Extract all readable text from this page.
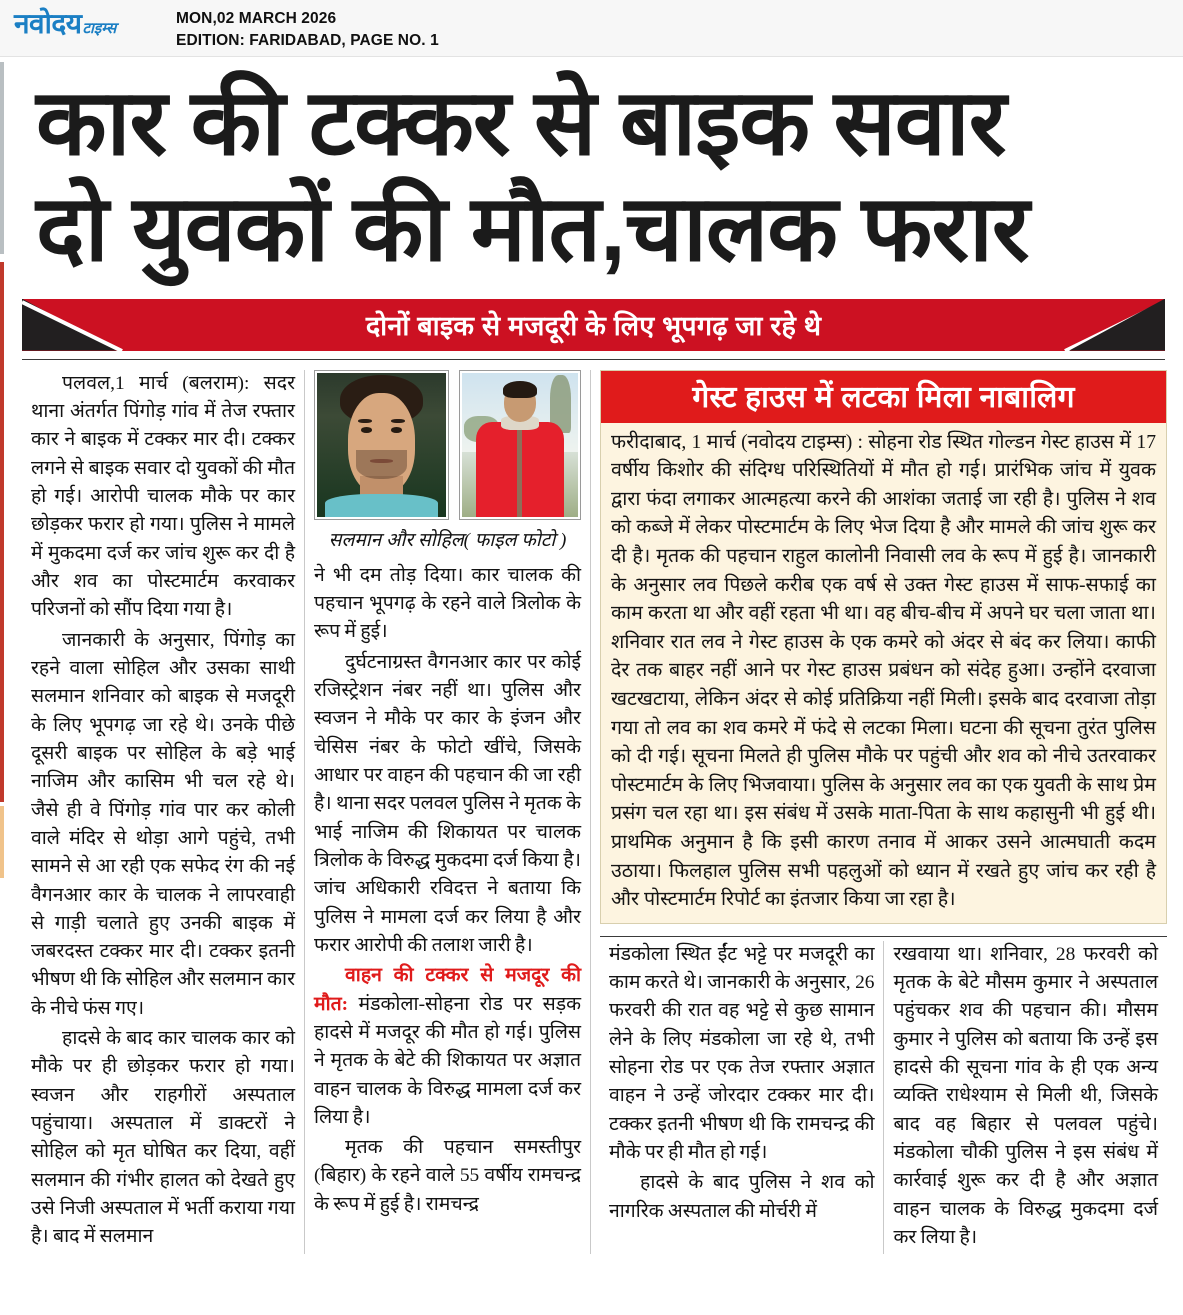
नवोदय टाइम्स
MON,02 MARCH 2026
EDITION: FARIDABAD, PAGE NO. 1
कार की टक्कर से बाइक सवार
दो युवकों की मौत,चालक फरार
दोनों बाइक से मजदूरी के लिए भूपगढ़ जा रहे थे

पलवल,1 मार्च (बलराम): सदर थाना अंतर्गत पिंगोड़ गांव में तेज रफ्तार कार ने बाइक में टक्कर मार दी। टक्कर लगने से बाइक सवार दो युवकों की मौत हो गई। आरोपी चालक मौके पर कार छोड़कर फरार हो गया। पुलिस ने मामले में मुकदमा दर्ज कर जांच शुरू कर दी है और शव का पोस्टमार्टम करवाकर परिजनों को सौंप दिया गया है।

जानकारी के अनुसार, पिंगोड़ का रहने वाला सोहिल और उसका साथी सलमान शनिवार को बाइक से मजदूरी के लिए भूपगढ़ जा रहे थे। उनके पीछे दूसरी बाइक पर सोहिल के बड़े भाई नाजिम और कासिम भी चल रहे थे। जैसे ही वे पिंगोड़ गांव पार कर कोली वाले मंदिर से थोड़ा आगे पहुंचे, तभी सामने से आ रही एक सफेद रंग की नई वैगनआर कार के चालक ने लापरवाही से गाड़ी चलाते हुए उनकी बाइक में जबरदस्त टक्कर मार दी। टक्कर इतनी भीषण थी कि सोहिल और सलमान कार के नीचे फंस गए।

हादसे के बाद कार चालक कार को मौके पर ही छोड़कर फरार हो गया। स्वजन और राहगीरों अस्पताल पहुंचाया। अस्पताल में डाक्टरों ने सोहिल को मृत घोषित कर दिया, वहीं सलमान की गंभीर हालत को देखते हुए उसे निजी अस्पताल में भर्ती कराया गया है। बाद में सलमान

सलमान और सोहिल( फाइल फोटो )

ने भी दम तोड़ दिया। कार चालक की पहचान भूपगढ़ के रहने वाले त्रिलोक के रूप में हुई।

दुर्घटनाग्रस्त वैगनआर कार पर कोई रजिस्ट्रेशन नंबर नहीं था। पुलिस और स्वजन ने मौके पर कार के इंजन और चेसिस नंबर के फोटो खींचे, जिसके आधार पर वाहन की पहचान की जा रही है। थाना सदर पलवल पुलिस ने मृतक के भाई नाजिम की शिकायत पर चालक त्रिलोक के विरुद्ध मुकदमा दर्ज किया है। जांच अधिकारी रविदत्त ने बताया कि पुलिस ने मामला दर्ज कर लिया है और फरार आरोपी की तलाश जारी है।

वाहन की टक्कर से मजदूर की मौत: मंडकोला-सोहना रोड पर सड़क हादसे में मजदूर की मौत हो गई। पुलिस ने मृतक के बेटे की शिकायत पर अज्ञात वाहन चालक के विरुद्ध मामला दर्ज कर लिया है।

मृतक की पहचान समस्तीपुर (बिहार) के रहने वाले 55 वर्षीय रामचन्द्र के रूप में हुई है। रामचन्द्र

गेस्ट हाउस में लटका मिला नाबालिग

फरीदाबाद, 1 मार्च (नवोदय टाइम्स) : सोहना रोड स्थित गोल्डन गेस्ट हाउस में 17 वर्षीय किशोर की संदिग्ध परिस्थितियों में मौत हो गई। प्रारंभिक जांच में युवक द्वारा फंदा लगाकर आत्महत्या करने की आशंका जताई जा रही है। पुलिस ने शव को कब्जे में लेकर पोस्टमार्टम के लिए भेज दिया है और मामले की जांच शुरू कर दी है। मृतक की पहचान राहुल कालोनी निवासी लव के रूप में हुई है। जानकारी के अनुसार लव पिछले करीब एक वर्ष से उक्त गेस्ट हाउस में साफ-सफाई का काम करता था और वहीं रहता भी था। वह बीच-बीच में अपने घर चला जाता था। शनिवार रात लव ने गेस्ट हाउस के एक कमरे को अंदर से बंद कर लिया। काफी देर तक बाहर नहीं आने पर गेस्ट हाउस प्रबंधन को संदेह हुआ। उन्होंने दरवाजा खटखटाया, लेकिन अंदर से कोई प्रतिक्रिया नहीं मिली। इसके बाद दरवाजा तोड़ा गया तो लव का शव कमरे में फंदे से लटका मिला। घटना की सूचना तुरंत पुलिस को दी गई। सूचना मिलते ही पुलिस मौके पर पहुंची और शव को नीचे उतरवाकर पोस्टमार्टम के लिए भिजवाया। पुलिस के अनुसार लव का एक युवती के साथ प्रेम प्रसंग चल रहा था। इस संबंध में उसके माता-पिता के साथ कहासुनी भी हुई थी। प्राथमिक अनुमान है कि इसी कारण तनाव में आकर उसने आत्मघाती कदम उठाया। फिलहाल पुलिस सभी पहलुओं को ध्यान में रखते हुए जांच कर रही है और पोस्टमार्टम रिपोर्ट का इंतजार किया जा रहा है।

मंडकोला स्थित ईंट भट्टे पर मजदूरी का काम करते थे। जानकारी के अनुसार, 26 फरवरी की रात वह भट्टे से कुछ सामान लेने के लिए मंडकोला जा रहे थे, तभी सोहना रोड पर एक तेज रफ्तार अज्ञात वाहन ने उन्हें जोरदार टक्कर मार दी। टक्कर इतनी भीषण थी कि रामचन्द्र की मौके पर ही मौत हो गई।

हादसे के बाद पुलिस ने शव को नागरिक अस्पताल की मोर्चरी में

रखवाया था। शनिवार, 28 फरवरी को मृतक के बेटे मौसम कुमार ने अस्पताल पहुंचकर शव की पहचान की। मौसम कुमार ने पुलिस को बताया कि उन्हें इस हादसे की सूचना गांव के ही एक अन्य व्यक्ति राधेश्याम से मिली थी, जिसके बाद वह बिहार से पलवल पहुंचे। मंडकोला चौकी पुलिस ने इस संबंध में कार्रवाई शुरू कर दी है और अज्ञात वाहन चालक के विरुद्ध मुकदमा दर्ज कर लिया है।
